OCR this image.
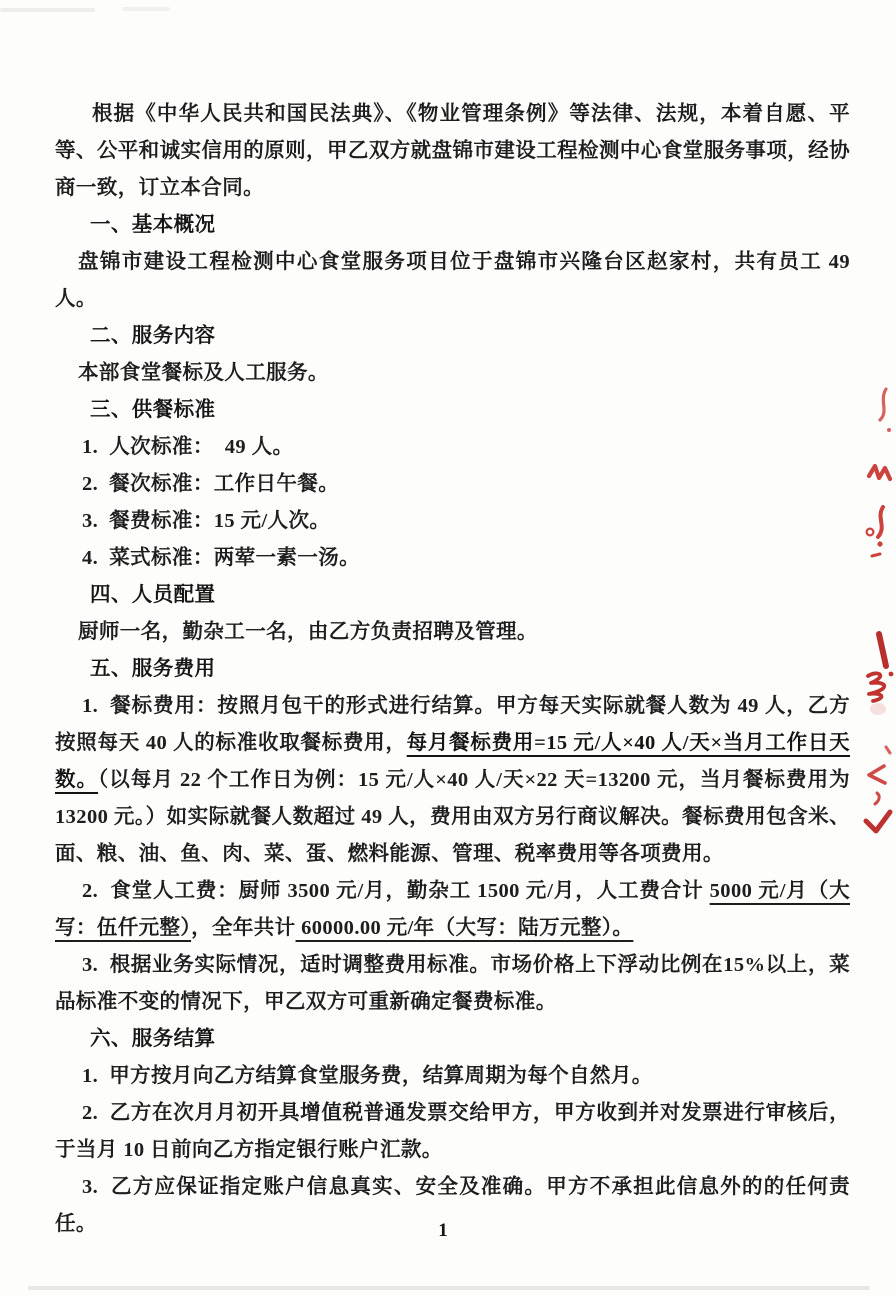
根据《中华人民共和国民法典》、《物业管理条例》等法律、法规，本着自愿、平等、公平和诚实信用的原则，甲乙双方就盘锦市建设工程检测中心食堂服务事项，经协商一致，订立本合同。

一、基本概况

盘锦市建设工程检测中心食堂服务项目位于盘锦市兴隆台区赵家村，共有员工 49 人。

二、服务内容

本部食堂餐标及人工服务。

三、供餐标准

1.  人次标准：  49 人。

2.  餐次标准：工作日午餐。

3.  餐费标准：15 元/人次。

4.  菜式标准：两荤一素一汤。

四、人员配置

厨师一名，勤杂工一名，由乙方负责招聘及管理。

五、服务费用

1.  餐标费用：按照月包干的形式进行结算。甲方每天实际就餐人数为 49 人，乙方按照每天 40 人的标准收取餐标费用，每月餐标费用=15 元/人×40 人/天×当月工作日天数。（以每月 22 个工作日为例：15 元/人×40 人/天×22 天=13200 元，当月餐标费用为 13200 元。）如实际就餐人数超过 49 人，费用由双方另行商议解决。餐标费用包含米、面、粮、油、鱼、肉、菜、蛋、燃料能源、管理、税率费用等各项费用。

2.  食堂人工费：厨师 3500 元/月，勤杂工 1500 元/月，人工费合计 5000 元/月（大写：伍仟元整），全年共计 60000.00 元/年（大写：陆万元整）。

3.  根据业务实际情况，适时调整费用标准。市场价格上下浮动比例在15%以上，菜品标准不变的情况下，甲乙双方可重新确定餐费标准。

六、服务结算

1.  甲方按月向乙方结算食堂服务费，结算周期为每个自然月。

2.  乙方在次月月初开具增值税普通发票交给甲方，甲方收到并对发票进行审核后，于当月 10 日前向乙方指定银行账户汇款。

3.  乙方应保证指定账户信息真实、安全及准确。甲方不承担此信息外的的任何责任。	1
